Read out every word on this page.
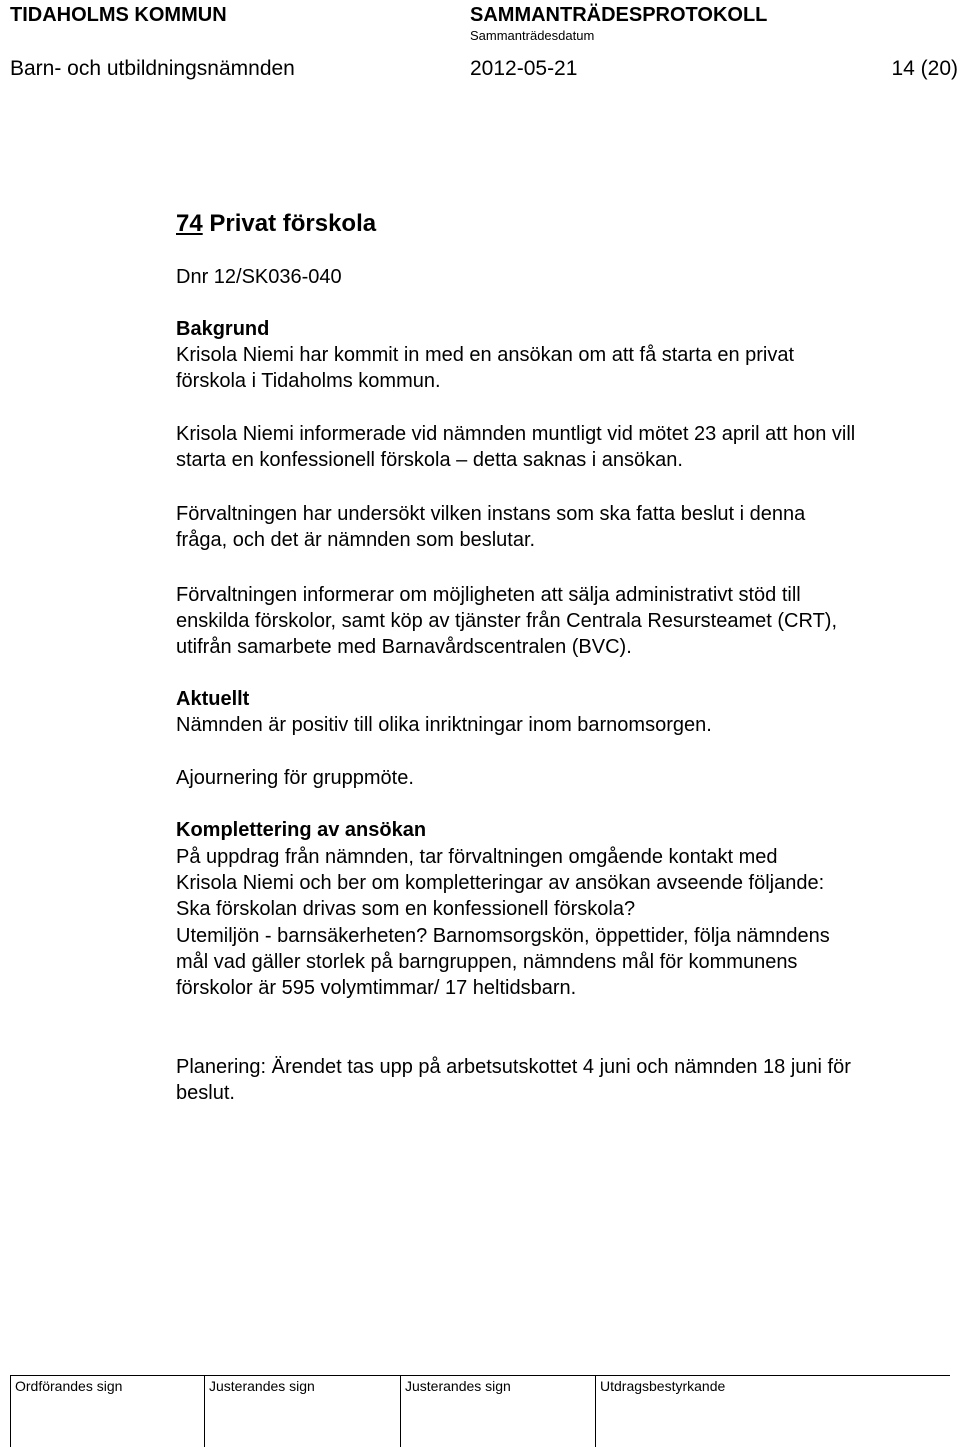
TIDAHOLMS KOMMUN	SAMMANTRÄDESPROTOKOLL
Sammanträdesdatum
Barn- och utbildningsnämnden	2012-05-21	14 (20)
74 Privat förskola
Dnr 12/SK036-040
Bakgrund
Krisola Niemi har kommit in med en ansökan om att få starta en privat
förskola i Tidaholms kommun.
Krisola Niemi informerade vid nämnden muntligt vid mötet 23 april att hon vill
starta en konfessionell förskola – detta saknas i ansökan.
Förvaltningen har undersökt vilken instans som ska fatta beslut i denna
fråga, och det är nämnden som beslutar.
Förvaltningen informerar om möjligheten att sälja administrativt stöd till
enskilda förskolor, samt köp av tjänster från Centrala Resursteamet (CRT),
utifrån samarbete med Barnavårdscentralen (BVC).
Aktuellt
Nämnden är positiv till olika inriktningar inom barnomsorgen.
Ajournering för gruppmöte.
Komplettering av ansökan
På uppdrag från nämnden, tar förvaltningen omgående kontakt med
Krisola Niemi och ber om kompletteringar av ansökan avseende följande:
Ska förskolan drivas som en konfessionell förskola?
Utemiljön - barnsäkerheten? Barnomsorgskön, öppettider, följa nämndens
mål vad gäller storlek på barngruppen, nämndens mål för kommunens
förskolor är 595 volymtimmar/ 17 heltidsbarn.
Planering: Ärendet tas upp på arbetsutskottet 4 juni och nämnden 18 juni för
beslut.
Ordförandes sign	Justerandes sign	Justerandes sign	Utdragsbestyrkande
